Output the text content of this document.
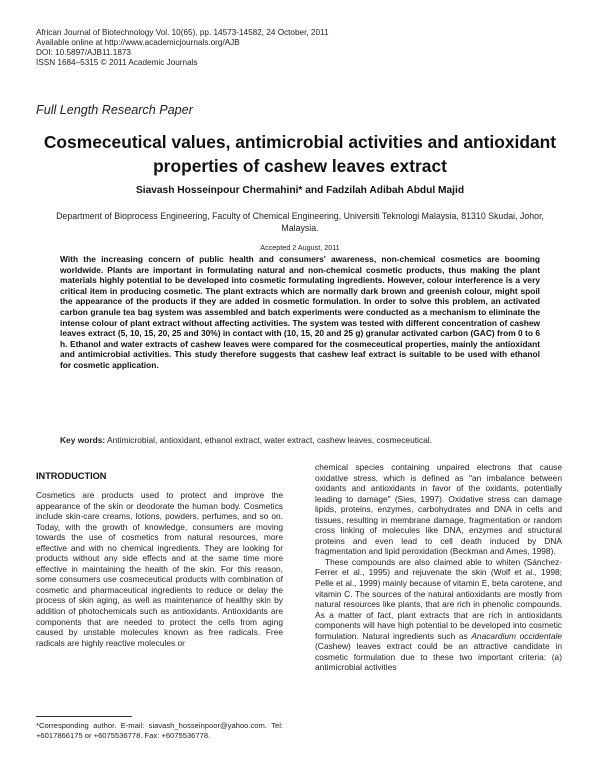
African Journal of Biotechnology Vol. 10(65), pp. 14573-14582, 24 October, 2011
Available online at http://www.academicjournals.org/AJB
DOI: 10.5897/AJB11.1873
ISSN 1684–5315 © 2011 Academic Journals
Full Length Research Paper
Cosmeceutical values, antimicrobial activities and antioxidant properties of cashew leaves extract
Siavash Hosseinpour Chermahini* and Fadzilah Adibah Abdul Majid
Department of Bioprocess Engineering, Faculty of Chemical Engineering, Universiti Teknologi Malaysia, 81310 Skudai, Johor, Malaysia.
Accepted 2 August, 2011
With the increasing concern of public health and consumers' awareness, non-chemical cosmetics are booming worldwide. Plants are important in formulating natural and non-chemical cosmetic products, thus making the plant materials highly potential to be developed into cosmetic formulating ingredients. However, colour interference is a very critical item in producing cosmetic. The plant extracts which are normally dark brown and greenish colour, might spoil the appearance of the products if they are added in cosmetic formulation. In order to solve this problem, an activated carbon granule tea bag system was assembled and batch experiments were conducted as a mechanism to eliminate the intense colour of plant extract without affecting activities. The system was tested with different concentration of cashew leaves extract (5, 10, 15, 20, 25 and 30%) in contact with (10, 15, 20 and 25 g) granular activated carbon (GAC) from 0 to 6 h. Ethanol and water extracts of cashew leaves were compared for the cosmeceutical properties, mainly the antioxidant and antimicrobial activities. This study therefore suggests that cashew leaf extract is suitable to be used with ethanol for cosmetic application.
Key words: Antimicrobial, antioxidant, ethanol extract, water extract, cashew leaves, cosmeceutical.
INTRODUCTION

Cosmetics are products used to protect and improve the appearance of the skin or deodorate the human body. Cosmetics include skin-care creams, lotions, powders, perfumes, and so on. Today, with the growth of knowledge, consumers are moving towards the use of cosmetics from natural resources, more effective and with no chemical ingredients. They are looking for products without any side effects and at the same time more effective in maintaining the health of the skin. For this reason, some consumers use cosmeceutical products with combination of cosmetic and pharmaceutical ingredients to reduce or delay the process of skin aging, as well as maintenance of healthy skin by addition of photochemicals such as antioxidants. Antioxidants are components that are needed to protect the cells from aging caused by unstable molecules known as free radicals. Free radicals are highly reactive molecules or

chemical species containing unpaired electrons that cause oxidative stress, which is defined as "an imbalance between oxidants and antioxidants in favor of the oxidants, potentially leading to damage" (Sies, 1997). Oxidative stress can damage lipids, proteins, enzymes, carbohydrates and DNA in cells and tissues, resulting in membrane damage, fragmentation or random cross linking of molecules like DNA, enzymes and structural proteins and even lead to cell death induced by DNA fragmentation and lipid peroxidation (Beckman and Ames, 1998).

These compounds are also claimed able to whiten (Sánchez-Ferrer et al., 1995) and rejuvenate the skin (Wolf et al., 1998; Pelle et al., 1999) mainly because of vitamin E, beta carotene, and vitamin C. The sources of the natural antioxidants are mostly from natural resources like plants, that are rich in phenolic compounds. As a matter of fact, plant extracts that are rich in antioxidants components will have high potential to be developed into cosmetic formulation. Natural ingredients such as Anacardium occidentale (Cashew) leaves extract could be an attractive candidate in cosmetic formulation due to these two important criteria: (a) antimicrobial activities

*Corresponding author. E-mail: siavash_hosseinpoor@yahoo.com. Tel: +6017866175 or +6075536778. Fax: +6075536778.
